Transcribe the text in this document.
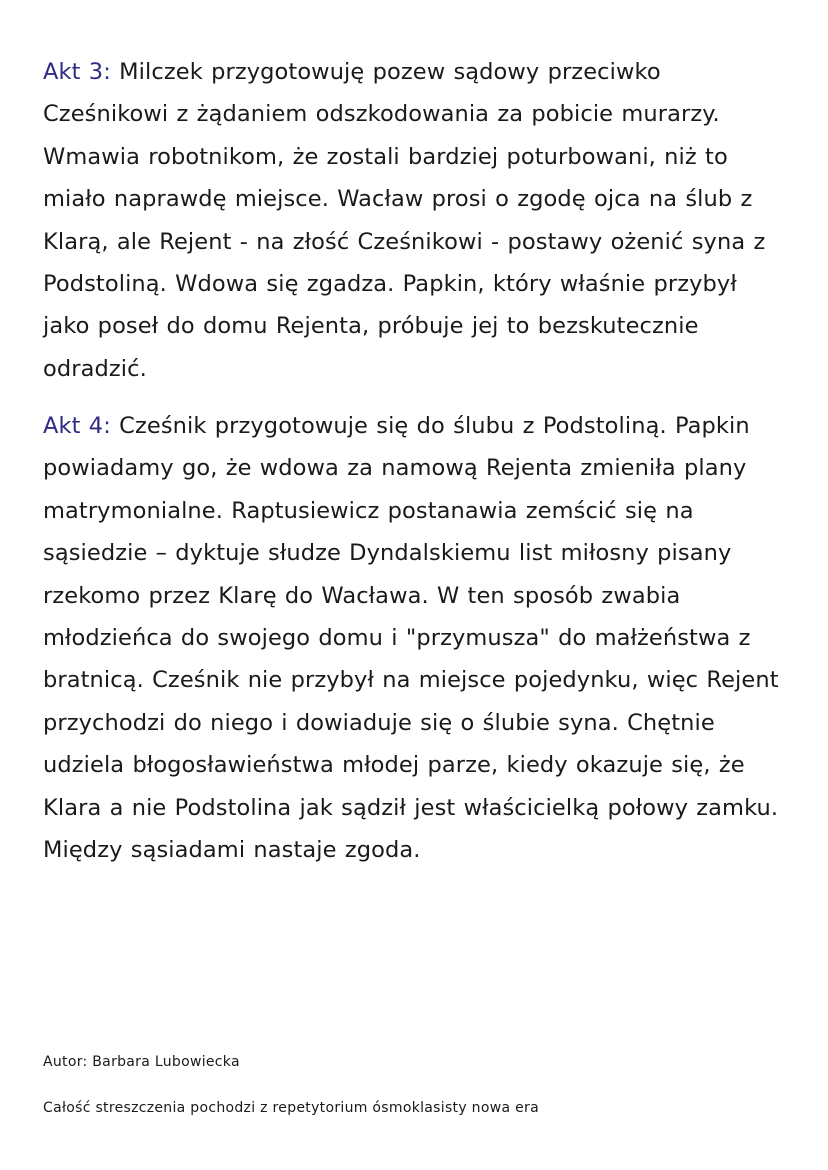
Akt 3: Milczek przygotowuję pozew sądowy przeciwko Cześnikowi z żądaniem odszkodowania za pobicie murarzy. Wmawia robotnikom, że zostali bardziej poturbowani, niż to miało naprawdę miejsce. Wacław prosi o zgodę ojca na ślub z Klarą, ale Rejent - na złość Cześnikowi - postawy ożenić syna z Podstoliną. Wdowa się zgadza. Papkin, który właśnie przybył jako poseł do domu Rejenta, próbuje jej to bezskutecznie odradzić.

Akt 4: Cześnik przygotowuje się do ślubu z Podstoliną. Papkin powiadamy go, że wdowa za namową Rejenta zmieniła plany matrymonialne. Raptusiewicz postanawia zemścić się na sąsiedzie – dyktuje słudze Dyndalskiemu list miłosny pisany rzekomo przez Klarę do Wacława. W ten sposób zwabia młodzieńca do swojego domu i "przymusza" do małżeństwa z bratnicą. Cześnik nie przybył na miejsce pojedynku, więc Rejent przychodzi do niego i dowiaduje się o ślubie syna. Chętnie udziela błogosławieństwa młodej parze, kiedy okazuje się, że Klara a nie Podstolina jak sądził jest właścicielką połowy zamku. Między sąsiadami nastaje zgoda.

Autor: Barbara Lubowiecka
Całość streszczenia pochodzi z repetytorium ósmoklasisty nowa era
